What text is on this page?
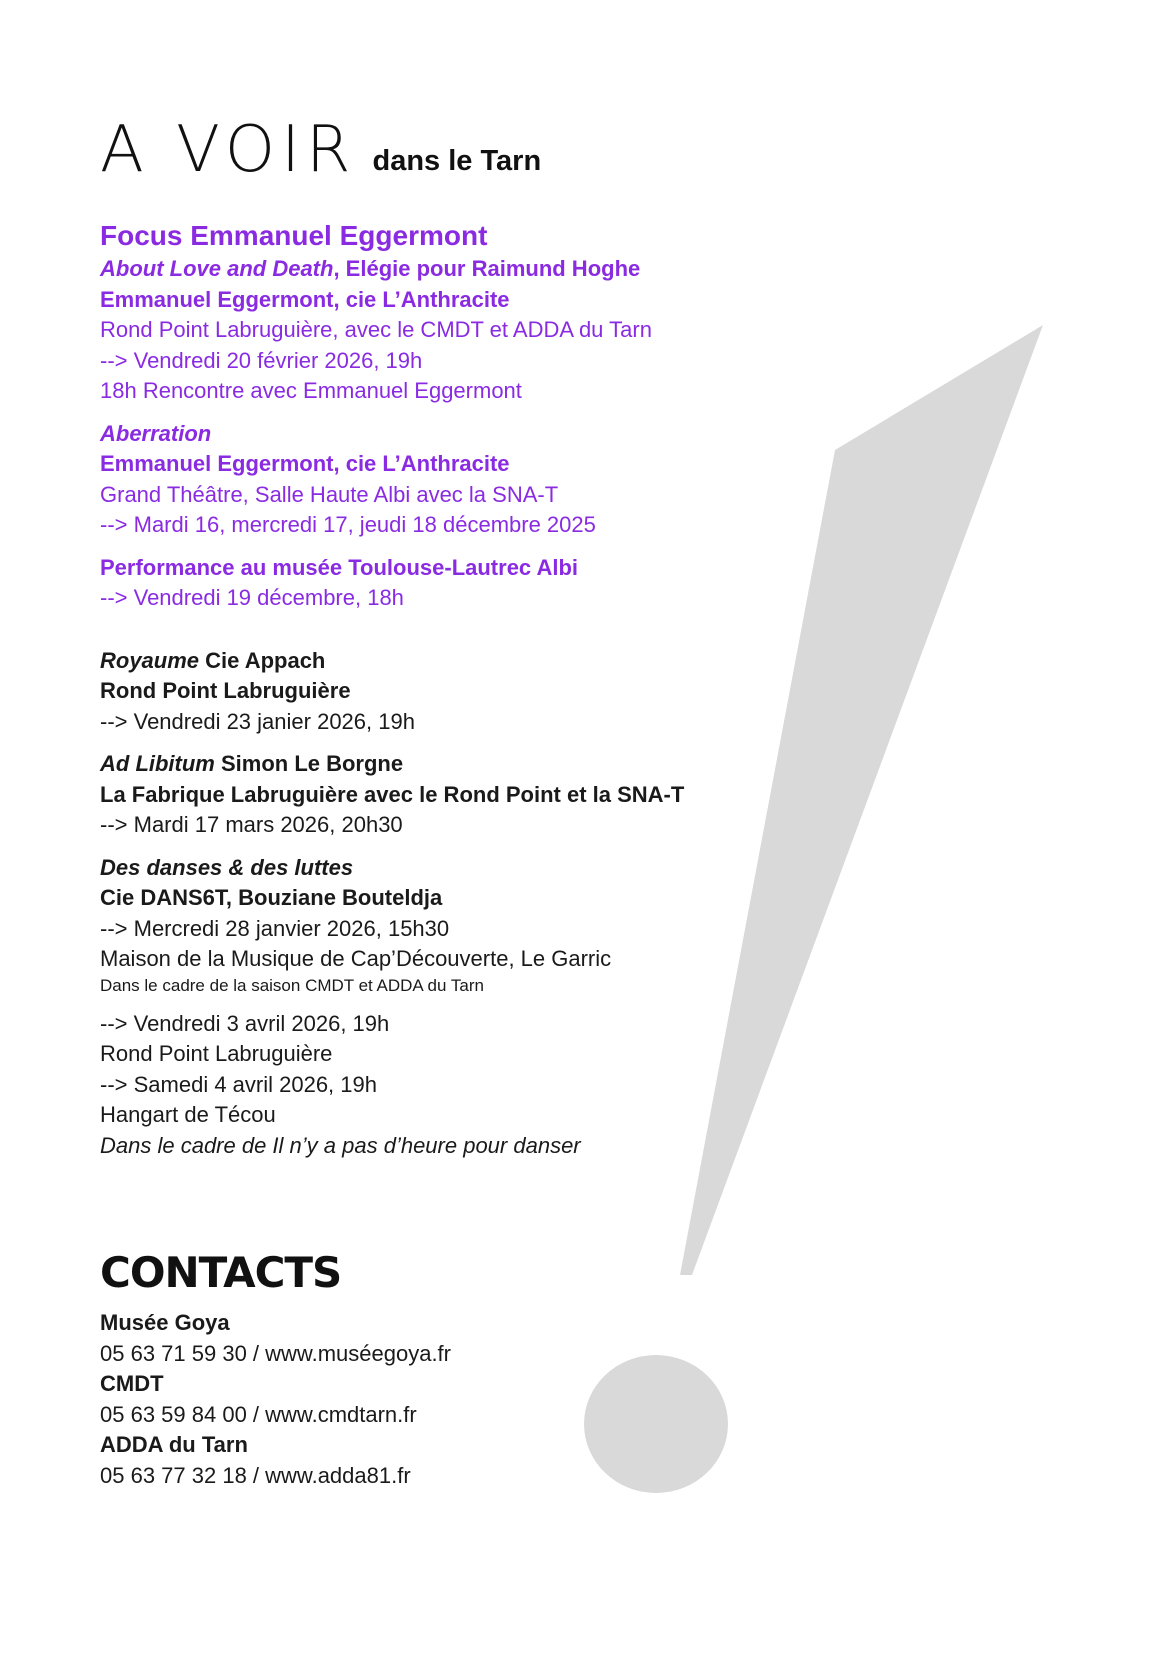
A VOIR dans le Tarn
Focus Emmanuel Eggermont
About Love and Death, Elégie pour Raimund Hoghe
Emmanuel Eggermont, cie L’Anthracite
Rond Point Labruguière, avec le CMDT et ADDA du Tarn
--> Vendredi 20 février 2026, 19h
18h Rencontre avec Emmanuel Eggermont
Aberration
Emmanuel Eggermont, cie L’Anthracite
Grand Théâtre, Salle Haute Albi avec la SNA-T
--> Mardi 16, mercredi 17, jeudi 18 décembre 2025
Performance au musée Toulouse-Lautrec Albi
--> Vendredi 19 décembre, 18h
Royaume Cie Appach
Rond Point Labruguière
--> Vendredi 23 janier 2026, 19h
Ad Libitum Simon Le Borgne
La Fabrique Labruguière avec le Rond Point et la SNA-T
--> Mardi 17 mars 2026, 20h30
Des danses & des luttes
Cie DANS6T, Bouziane Bouteldja
--> Mercredi 28 janvier 2026, 15h30
Maison de la Musique de Cap’Découverte, Le Garric
Dans le cadre de la saison CMDT et ADDA du Tarn
--> Vendredi 3 avril 2026, 19h
Rond Point Labruguière
--> Samedi 4 avril 2026, 19h
Hangart de Técou
Dans le cadre de Il n’y a pas d’heure pour danser
CONTACTS
Musée Goya
05 63 71 59 30 / www.muséegoya.fr
CMDT
05 63 59 84 00 / www.cmdtarn.fr
ADDA du Tarn
05 63 77 32 18 / www.adda81.fr
